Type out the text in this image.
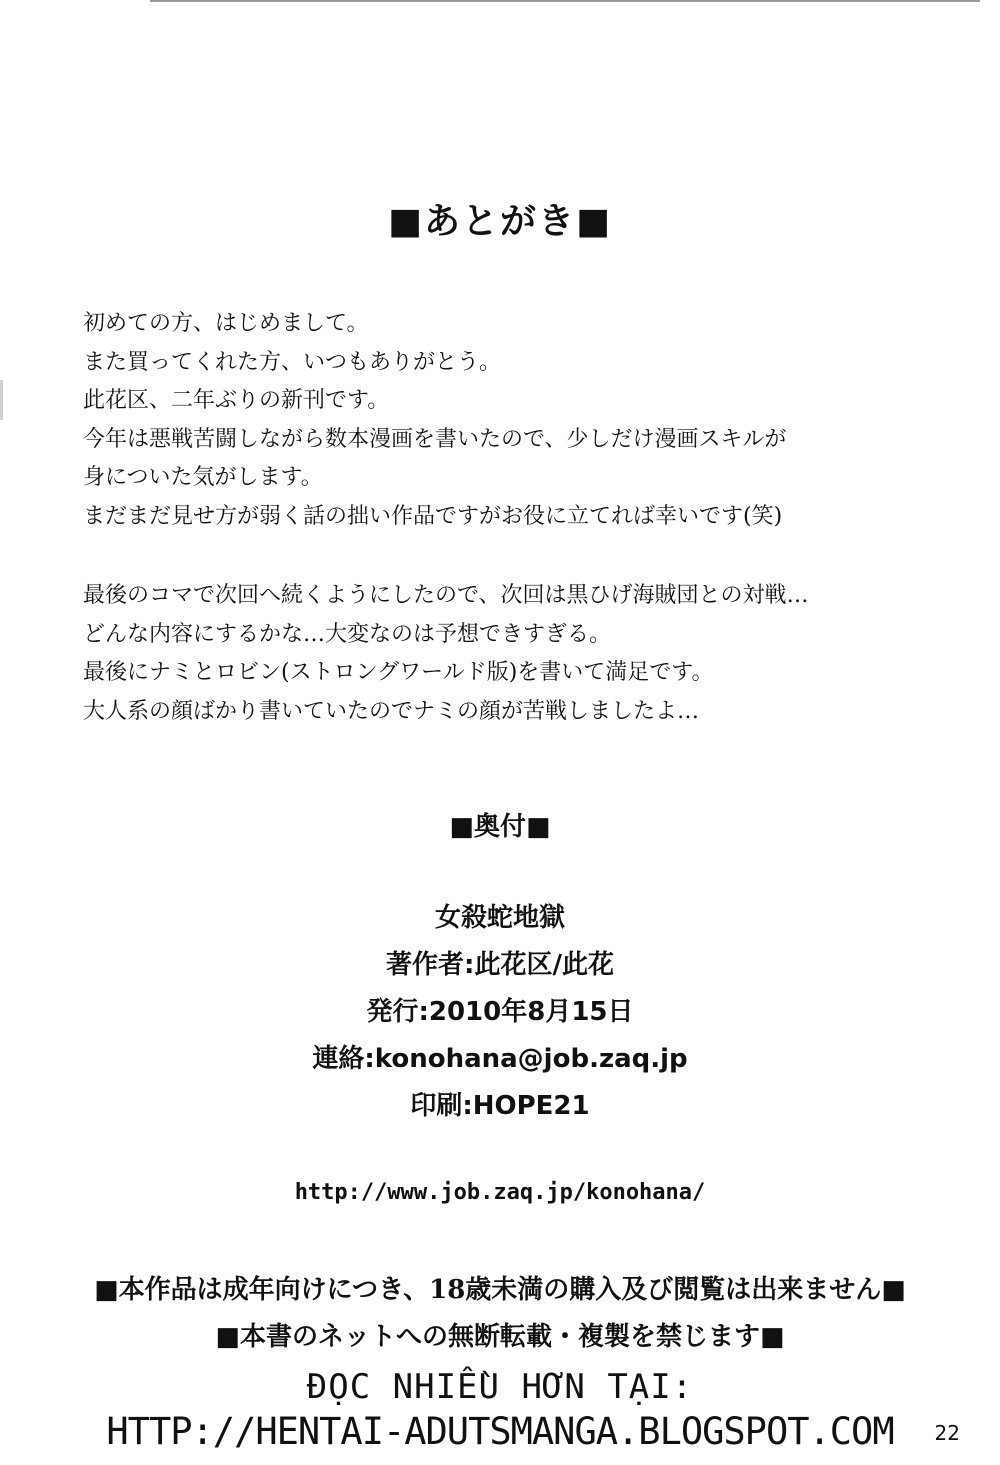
■あとがき■
初めての方、はじめまして。
また買ってくれた方、いつもありがとう。
此花区、二年ぶりの新刊です。
今年は悪戦苦闘しながら数本漫画を書いたので、少しだけ漫画スキルが
身についた気がします。
まだまだ見せ方が弱く話の拙い作品ですがお役に立てれば幸いです(笑)
最後のコマで次回へ続くようにしたので、次回は黒ひげ海賊団との対戦…
どんな内容にするかな…大変なのは予想できすぎる。
最後にナミとロビン(ストロングワールド版)を書いて満足です。
大人系の顔ばかり書いていたのでナミの顔が苦戦しましたよ…
■奥付■
女殺蛇地獄
著作者:此花区/此花
発行:2010年8月15日
連絡:konohana@job.zaq.jp
印刷:HOPE21
http://www.job.zaq.jp/konohana/
■本作品は成年向けにつき、18歳未満の購入及び閲覧は出来ません■
■本書のネットへの無断転載・複製を禁じます■
ĐỌC NHIỀU HƠN TẠI:
HTTP://HENTAI-ADUTSMANGA.BLOGSPOT.COM	22
